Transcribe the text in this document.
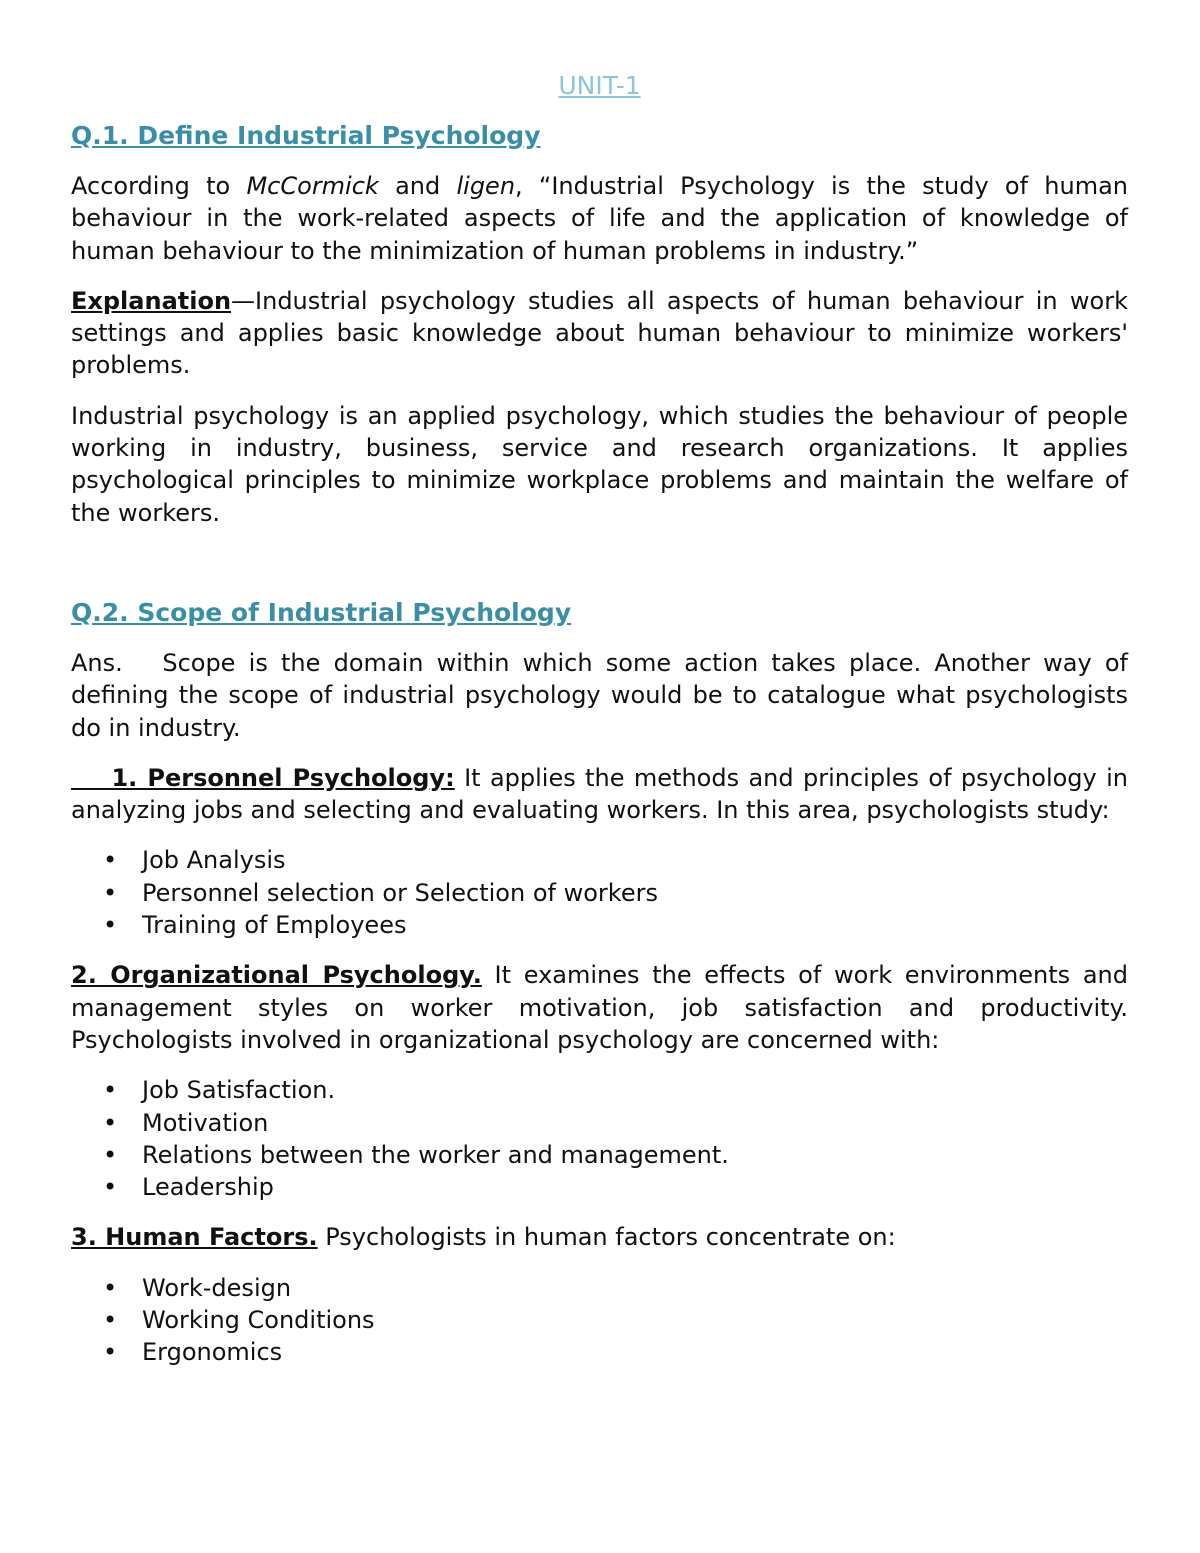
UNIT-1
Q.1. Define Industrial Psychology

According to McCormick and ligen, “Industrial Psychology is the study of human behaviour in the work-related aspects of life and the application of knowledge of human behaviour to the minimization of human problems in industry.”

Explanation—Industrial psychology studies all aspects of human behaviour in work settings and applies basic knowledge about human behaviour to minimize workers' problems.

Industrial psychology is an applied psychology, which studies the behaviour of people working in industry, business, service and research organizations. It applies psychological principles to minimize workplace problems and maintain the welfare of the workers.

Q.2. Scope of Industrial Psychology

Ans.   Scope is the domain within which some action takes place. Another way of defining the scope of industrial psychology would be to catalogue what psychologists do in industry.

1. Personnel Psychology: It applies the methods and principles of psychology in analyzing jobs and selecting and evaluating workers. In this area, psychologists study:

• Job Analysis
• Personnel selection or Selection of workers
• Training of Employees

2. Organizational Psychology. It examines the effects of work environments and management styles on worker motivation, job satisfaction and productivity. Psychologists involved in organizational psychology are concerned with:

• Job Satisfaction.
• Motivation
• Relations between the worker and management.
• Leadership

3. Human Factors. Psychologists in human factors concentrate on:

• Work-design
• Working Conditions
• Ergonomics
